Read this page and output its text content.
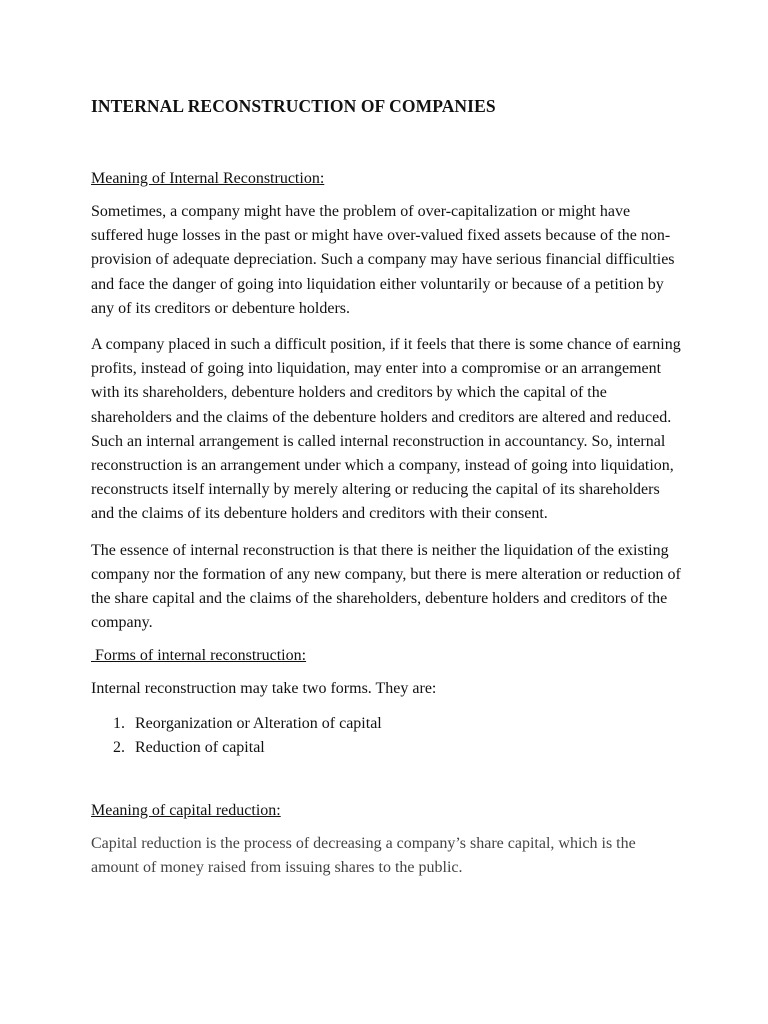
INTERNAL RECONSTRUCTION OF COMPANIES
Meaning of Internal Reconstruction:

Sometimes, a company might have the problem of over-capitalization or might have suffered huge losses in the past or might have over-valued fixed assets because of the non-provision of adequate depreciation. Such a company may have serious financial difficulties and face the danger of going into liquidation either voluntarily or because of a petition by any of its creditors or debenture holders.

A company placed in such a difficult position, if it feels that there is some chance of earning profits, instead of going into liquidation, may enter into a compromise or an arrangement with its shareholders, debenture holders and creditors by which the capital of the shareholders and the claims of the debenture holders and creditors are altered and reduced. Such an internal arrangement is called internal reconstruction in accountancy. So, internal reconstruction is an arrangement under which a company, instead of going into liquidation, reconstructs itself internally by merely altering or reducing the capital of its shareholders and the claims of its debenture holders and creditors with their consent.

The essence of internal reconstruction is that there is neither the liquidation of the existing company nor the formation of any new company, but there is mere alteration or reduction of the share capital and the claims of the shareholders, debenture holders and creditors of the company.

Forms of internal reconstruction:

Internal reconstruction may take two forms. They are:

1. Reorganization or Alteration of capital
2. Reduction of capital
Meaning of capital reduction:

Capital reduction is the process of decreasing a company’s share capital, which is the amount of money raised from issuing shares to the public.
